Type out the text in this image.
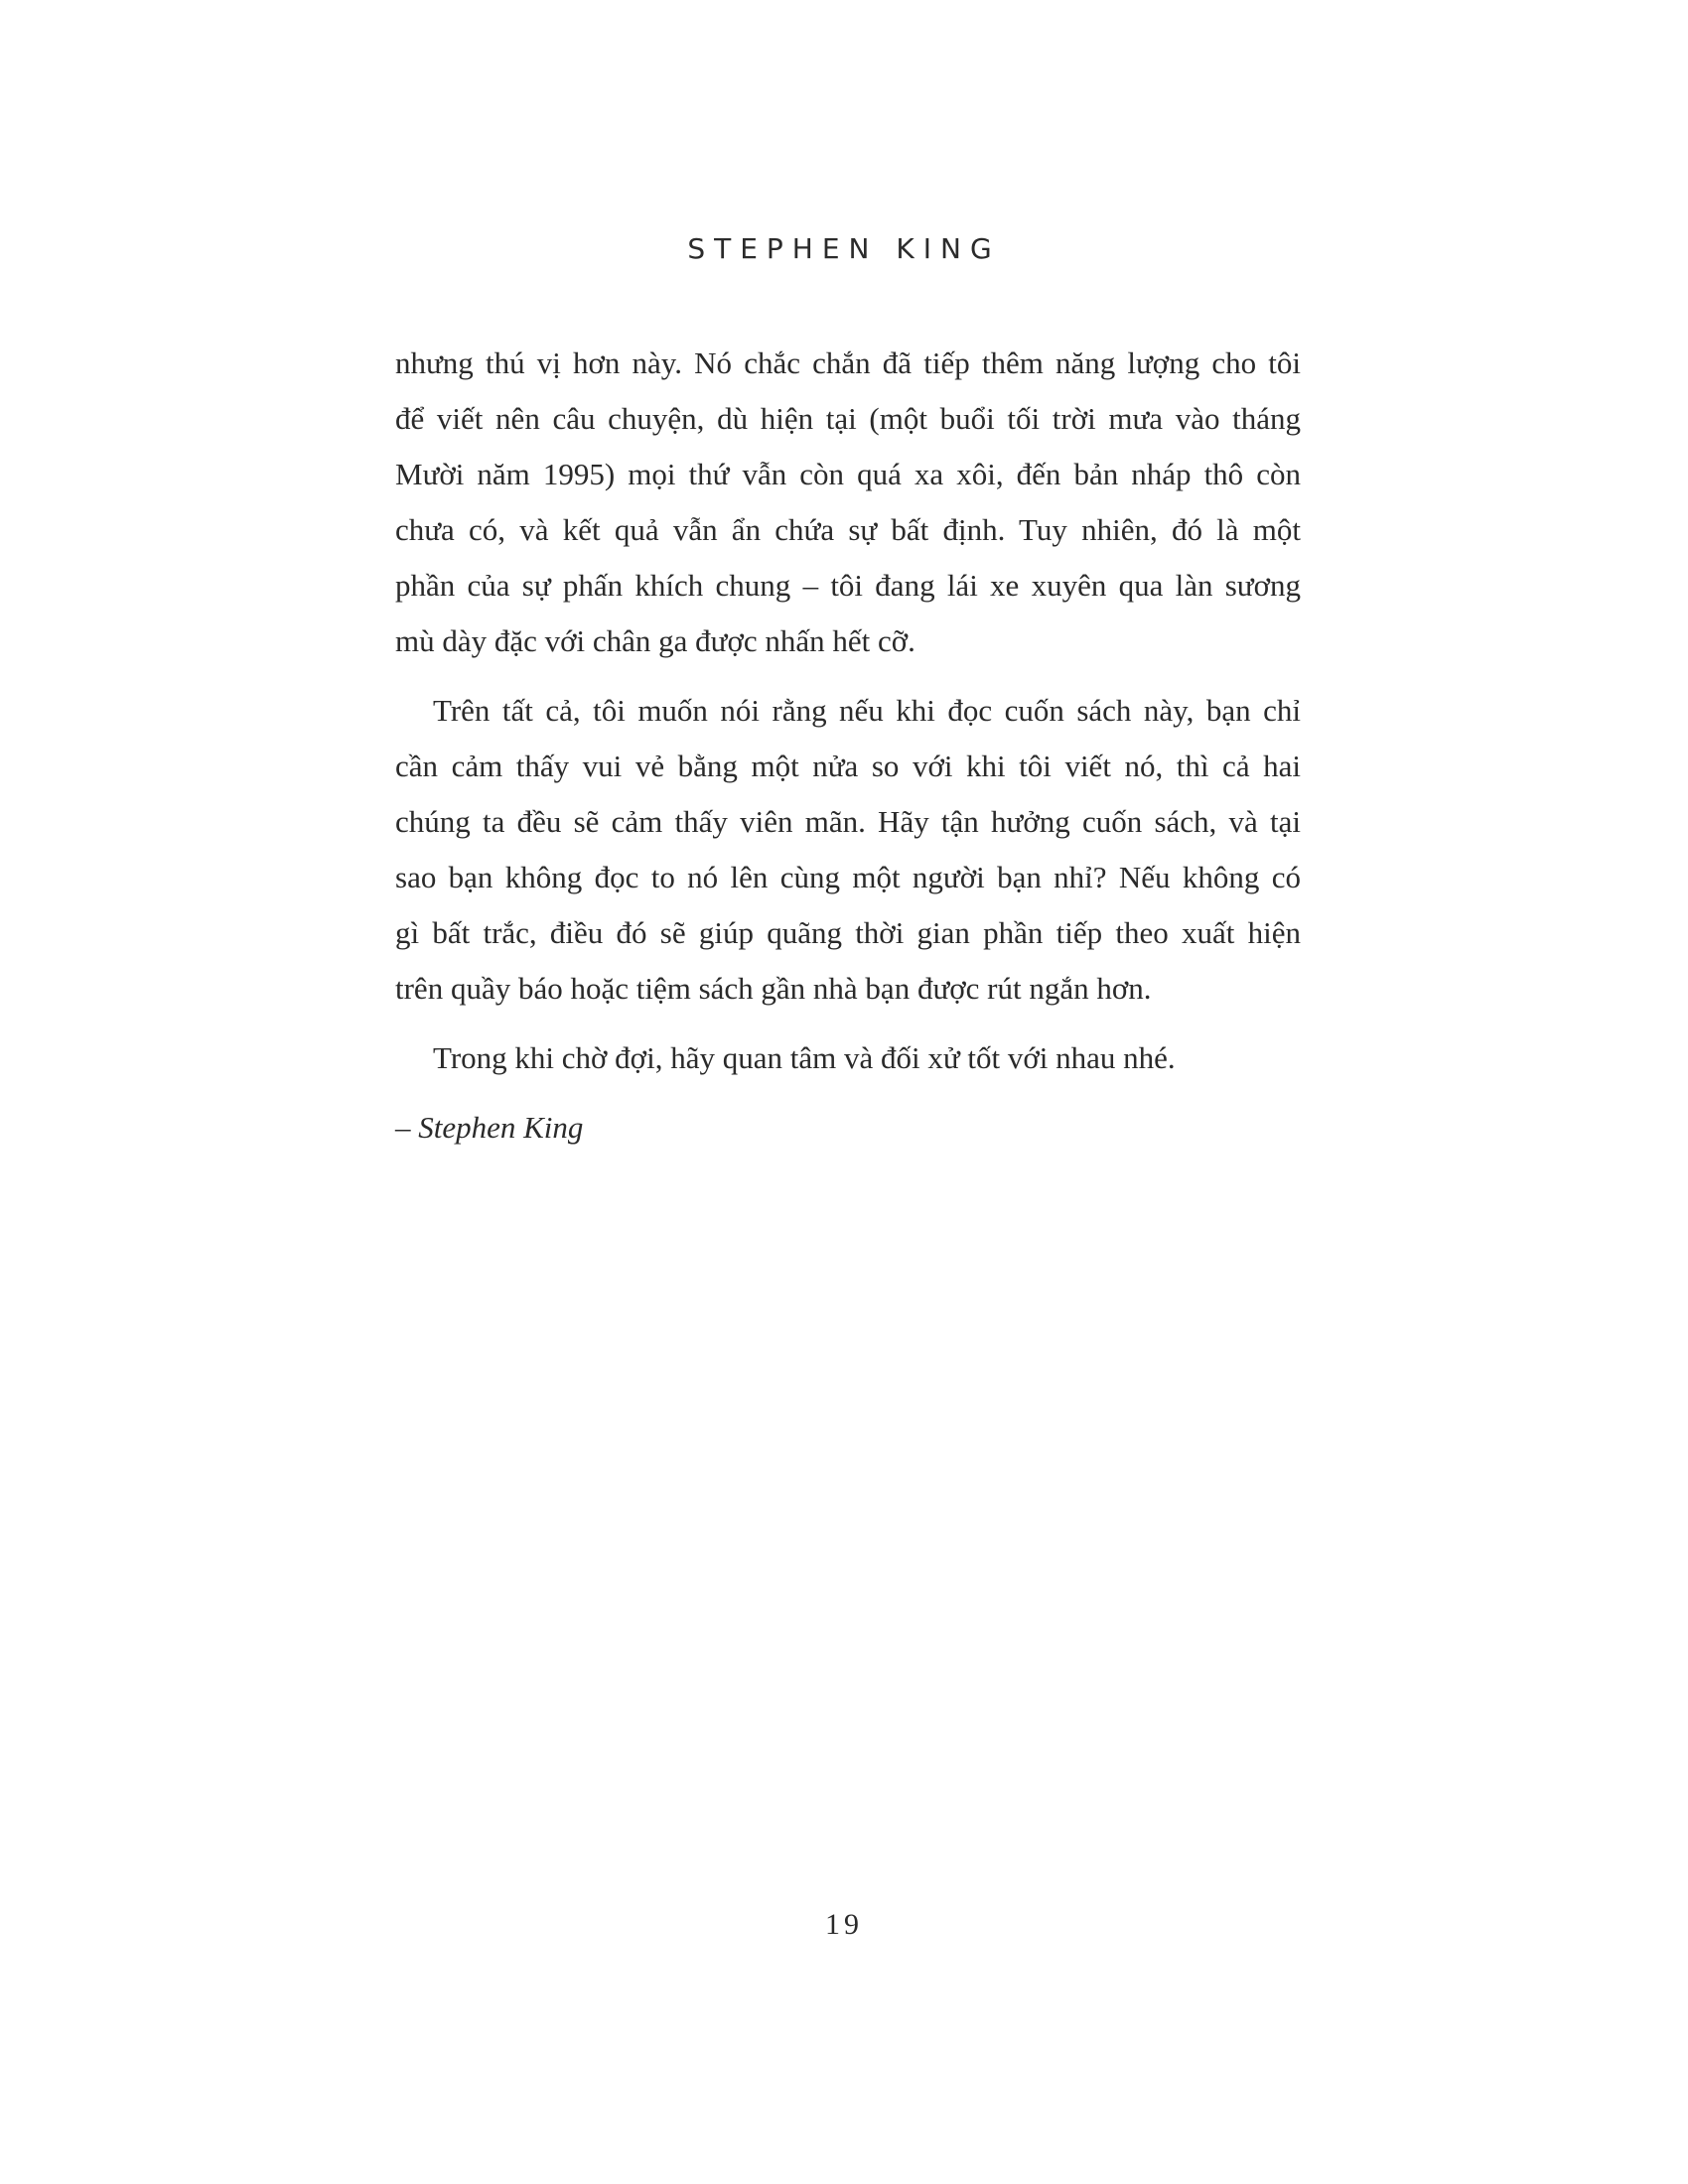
STEPHEN KING

nhưng thú vị hơn này. Nó chắc chắn đã tiếp thêm năng lượng cho tôi
để viết nên câu chuyện, dù hiện tại (một buổi tối trời mưa vào tháng
Mười năm 1995) mọi thứ vẫn còn quá xa xôi, đến bản nháp thô còn
chưa có, và kết quả vẫn ẩn chứa sự bất định. Tuy nhiên, đó là một
phần của sự phấn khích chung – tôi đang lái xe xuyên qua làn sương
mù dày đặc với chân ga được nhấn hết cỡ.

Trên tất cả, tôi muốn nói rằng nếu khi đọc cuốn sách này, bạn chỉ
cần cảm thấy vui vẻ bằng một nửa so với khi tôi viết nó, thì cả hai
chúng ta đều sẽ cảm thấy viên mãn. Hãy tận hưởng cuốn sách, và tại
sao bạn không đọc to nó lên cùng một người bạn nhỉ? Nếu không có
gì bất trắc, điều đó sẽ giúp quãng thời gian phần tiếp theo xuất hiện
trên quầy báo hoặc tiệm sách gần nhà bạn được rút ngắn hơn.

Trong khi chờ đợi, hãy quan tâm và đối xử tốt với nhau nhé.

– Stephen King

19
